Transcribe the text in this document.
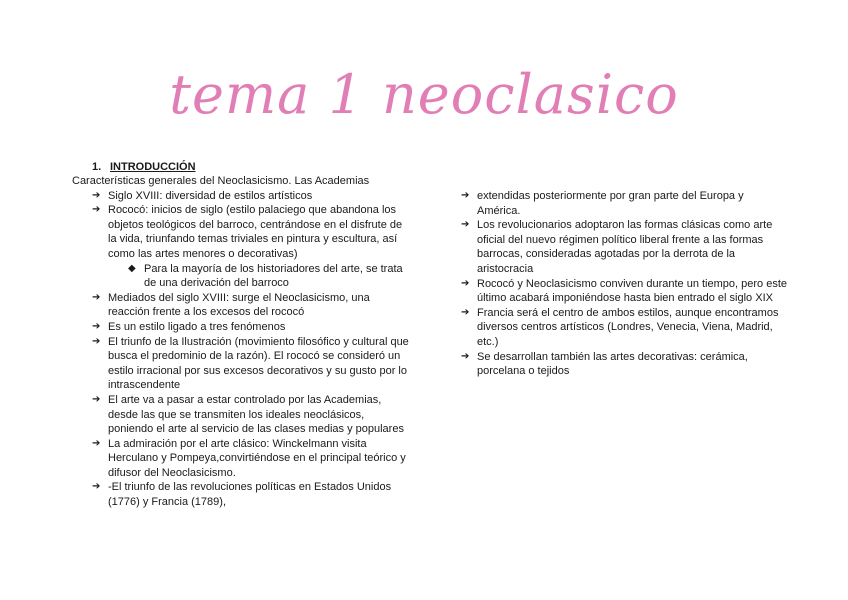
tema 1 neoclasico
1. INTRODUCCIÓN
Características generales del Neoclasicismo. Las Academias
➔ Siglo XVIII: diversidad de estilos artísticos
➔ Rococó: inicios de siglo (estilo palaciego que abandona los objetos teológicos del barroco, centrándose en el disfrute de la vida, triunfando temas triviales en pintura y escultura, así como las artes menores o decorativas)
◆ Para la mayoría de los historiadores del arte, se trata de una derivación del barroco
➔ Mediados del siglo XVIII: surge el Neoclasicismo, una reacción frente a los excesos del rococó
➔ Es un estilo ligado a tres fenómenos
➔ El triunfo de la Ilustración (movimiento filosófico y cultural que busca el predominio de la razón). El rococó se consideró un estilo irracional por sus excesos decorativos y su gusto por lo intrascendente
➔ El arte va a pasar a estar controlado por las Academias, desde las que se transmiten los ideales neoclásicos, poniendo el arte al servicio de las clases medias y populares
➔ La admiración por el arte clásico: Winckelmann visita Herculano y Pompeya,convirtiéndose en el principal teórico y difusor del Neoclasicismo.
➔ -El triunfo de las revoluciones políticas en Estados Unidos (1776) y Francia (1789),
➔ extendidas posteriormente por gran parte del Europa y América.
➔ Los revolucionarios adoptaron las formas clásicas como arte oficial del nuevo régimen político liberal frente a las formas barrocas, consideradas agotadas por la derrota de la aristocracia
➔ Rococó y Neoclasicismo conviven durante un tiempo, pero este último acabará imponiéndose hasta bien entrado el siglo XIX
➔ Francia será el centro de ambos estilos, aunque encontramos diversos centros artísticos (Londres, Venecia, Viena, Madrid, etc.)
➔ Se desarrollan también las artes decorativas: cerámica, porcelana o tejidos
